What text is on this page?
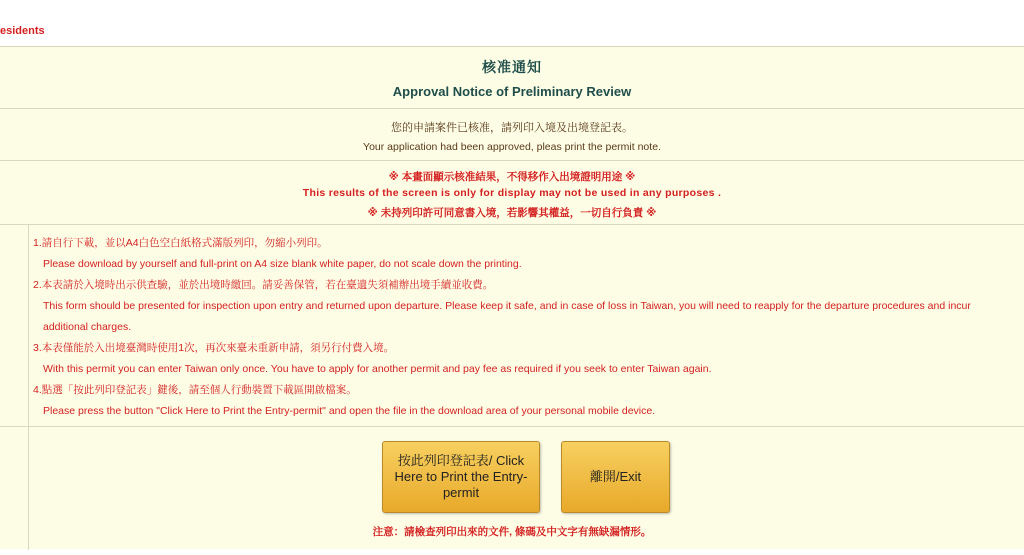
esidents
核准通知
Approval Notice of Preliminary Review
您的申請案件已核准，請列印入境及出境登記表。
Your application had been approved, pleas print the permit note.
※ 本畫面顯示核准結果，不得移作入出境證明用途 ※
This results of the screen is only for display may not be used in any purposes .
※ 未持列印許可同意書入境，若影響其權益，一切自行負責 ※
1.請自行下載，並以A4白色空白紙格式滿版列印，勿縮小列印。
Please download by yourself and full-print on A4 size blank white paper, do not scale down the printing.
2.本表請於入境時出示供查驗，並於出境時繳回。請妥善保管，若在臺遺失須補辦出境手續並收費。
This form should be presented for inspection upon entry and returned upon departure. Please keep it safe, and in case of loss in Taiwan, you will need to reapply for the departure procedures and incur additional charges.
3.本表僅能於入出境臺灣時使用1次，再次來臺未重新申請，須另行付費入境。
With this permit you can enter Taiwan only once. You have to apply for another permit and pay fee as required if you seek to enter Taiwan again.
4.點選「按此列印登記表」鍵後，請至個人行動裝置下載區開啟檔案。
Please press the button "Click Here to Print the Entry-permit" and open the file in the download area of your personal mobile device.
按此列印登記表/ Click Here to Print the Entry-permit
離開/Exit
注意：請檢查列印出來的文件, 條碼及中文字有無缺漏情形。
